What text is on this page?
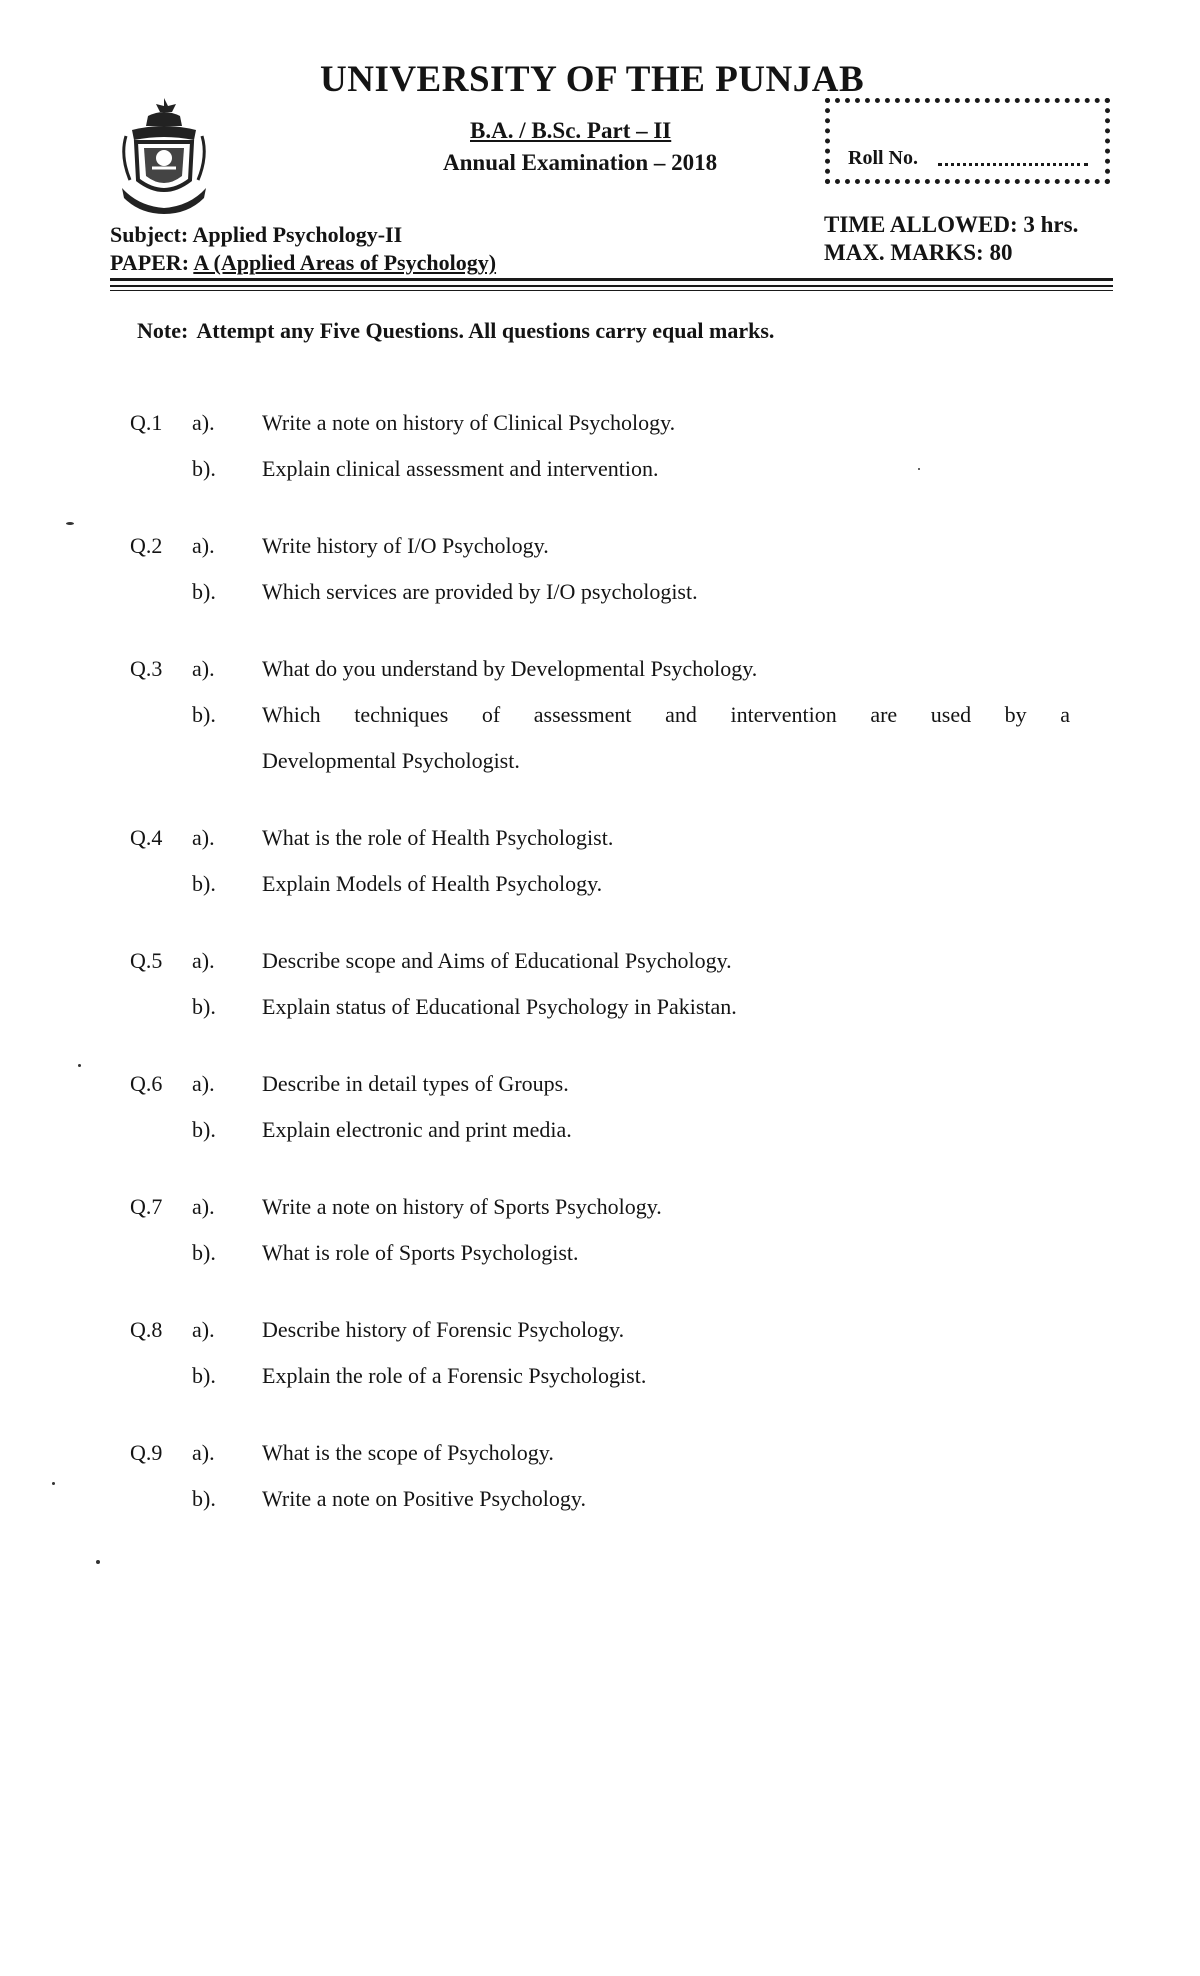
UNIVERSITY OF THE PUNJAB
B.A. / B.Sc. Part – II
Annual Examination – 2018	Roll No.
Subject: Applied Psychology-II
PAPER: A (Applied Areas of Psychology)
TIME ALLOWED: 3 hrs.
MAX. MARKS: 80
Note: Attempt any Five Questions. All questions carry equal marks.
Q.1	a).	Write a note on history of Clinical Psychology.
b).	Explain clinical assessment and intervention.
Q.2	a).	Write history of I/O Psychology.
b).	Which services are provided by I/O psychologist.
Q.3	a).	What do you understand by Developmental Psychology.
b).	Which techniques of assessment and intervention are used by a
Developmental Psychologist.
Q.4	a).	What is the role of Health Psychologist.
b).	Explain Models of Health Psychology.
Q.5	a).	Describe scope and Aims of Educational Psychology.
b).	Explain status of Educational Psychology in Pakistan.
Q.6	a).	Describe in detail types of Groups.
b).	Explain electronic and print media.
Q.7	a).	Write a note on history of Sports Psychology.
b).	What is role of Sports Psychologist.
Q.8	a).	Describe history of Forensic Psychology.
b).	Explain the role of a Forensic Psychologist.
Q.9	a).	What is the scope of Psychology.
b).	Write a note on Positive Psychology.
